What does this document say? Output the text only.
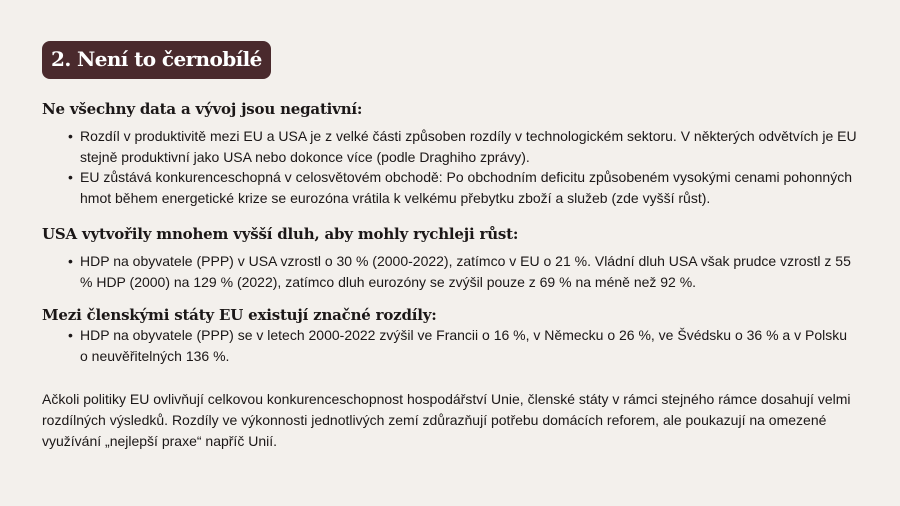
2. Není to černobílé
Ne všechny data a vývoj jsou negativní:
• Rozdíl v produktivitě mezi EU a USA je z velké části způsoben rozdíly v technologickém sektoru. V některých odvětvích je EU stejně produktivní jako USA nebo dokonce více (podle Draghiho zprávy).
• EU zůstává konkurenceschopná v celosvětovém obchodě: Po obchodním deficitu způsobeném vysokými cenami pohonných hmot během energetické krize se eurozóna vrátila k velkému přebytku zboží a služeb (zde vyšší růst).
USA vytvořily mnohem vyšší dluh, aby mohly rychleji růst:
• HDP na obyvatele (PPP) v USA vzrostl o 30 % (2000-2022), zatímco v EU o 21 %. Vládní dluh USA však prudce vzrostl z 55 % HDP (2000) na 129 % (2022), zatímco dluh eurozóny se zvýšil pouze z 69 % na méně než 92 %.
Mezi členskými státy EU existují značné rozdíly:
• HDP na obyvatele (PPP) se v letech 2000-2022 zvýšil ve Francii o 16 %, v Německu o 26 %, ve Švédsku o 36 % a v Polsku o neuvěřitelných 136 %.

Ačkoli politiky EU ovlivňují celkovou konkurenceschopnost hospodářství Unie, členské státy v rámci stejného rámce dosahují velmi rozdílných výsledků. Rozdíly ve výkonnosti jednotlivých zemí zdůrazňují potřebu domácích reforem, ale poukazují na omezené využívání „nejlepší praxe“ napříč Unií.
